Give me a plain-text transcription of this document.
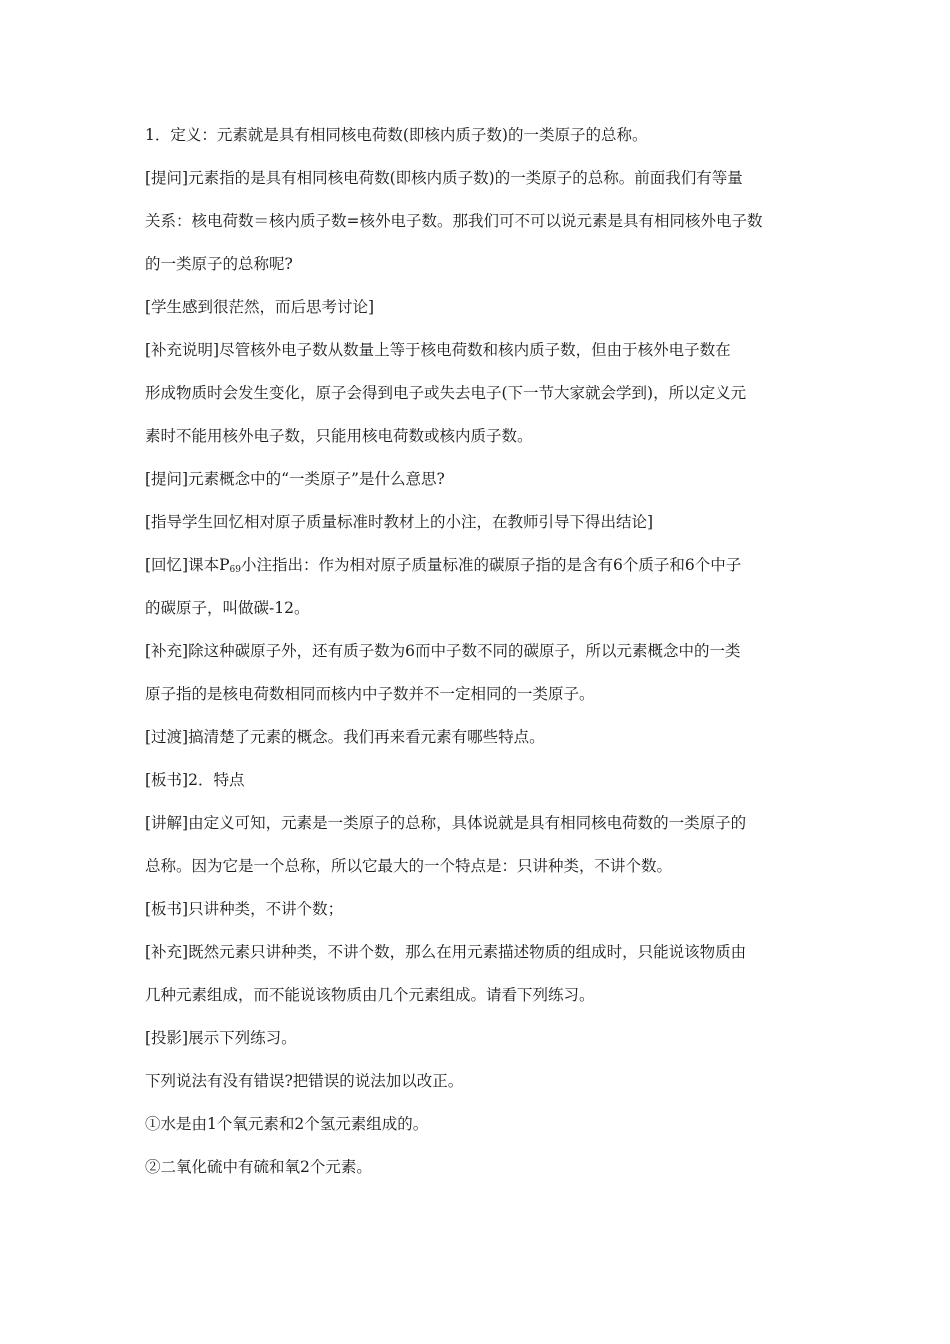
1．定义：元素就是具有相同核电荷数(即核内质子数)的一类原子的总称。

[提问]元素指的是具有相同核电荷数(即核内质子数)的一类原子的总称。前面我们有等量

关系：核电荷数＝核内质子数=核外电子数。那我们可不可以说元素是具有相同核外电子数

的一类原子的总称呢?

[学生感到很茫然，而后思考讨论]

[补充说明]尽管核外电子数从数量上等于核电荷数和核内质子数，但由于核外电子数在

形成物质时会发生变化，原子会得到电子或失去电子(下一节大家就会学到)，所以定义元

素时不能用核外电子数，只能用核电荷数或核内质子数。

[提问]元素概念中的“一类原子”是什么意思?

[指导学生回忆相对原子质量标准时教材上的小注，在教师引导下得出结论]

[回忆]课本$P_{69}$小注指出：作为相对原子质量标准的碳原子指的是含有6个质子和6个中子

的碳原子，叫做碳-12。

[补充]除这种碳原子外，还有质子数为6而中子数不同的碳原子，所以元素概念中的一类

原子指的是核电荷数相同而核内中子数并不一定相同的一类原子。

[过渡]搞清楚了元素的概念。我们再来看元素有哪些特点。

[板书]2．特点

[讲解]由定义可知，元素是一类原子的总称，具体说就是具有相同核电荷数的一类原子的

总称。因为它是一个总称，所以它最大的一个特点是：只讲种类，不讲个数。

[板书]只讲种类，不讲个数；

[补充]既然元素只讲种类，不讲个数，那么在用元素描述物质的组成时，只能说该物质由

几种元素组成，而不能说该物质由几个元素组成。请看下列练习。

[投影]展示下列练习。

下列说法有没有错误?把错误的说法加以改正。

①水是由1个氧元素和2个氢元素组成的。

②二氧化硫中有硫和氧2个元素。
